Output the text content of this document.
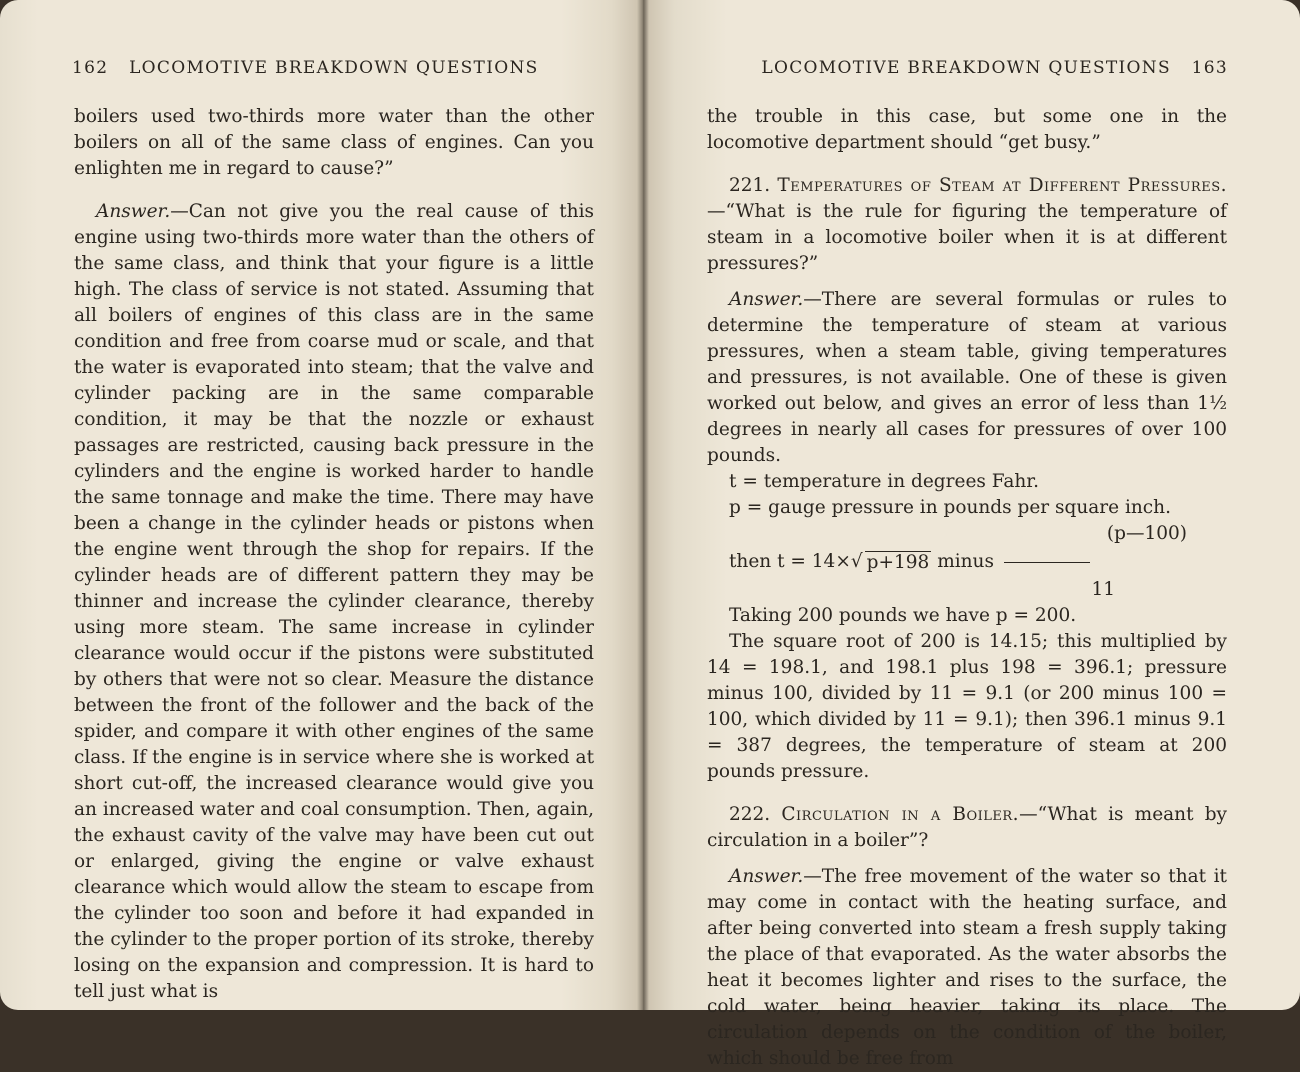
162 LOCOMOTIVE BREAKDOWN QUESTIONS

boilers used two-thirds more water than the other boilers on all of the same class of engines. Can you enlighten me in regard to cause?”

Answer.—Can not give you the real cause of this engine using two-thirds more water than the others of the same class, and think that your figure is a little high. The class of service is not stated. Assuming that all boilers of engines of this class are in the same condition and free from coarse mud or scale, and that the water is evaporated into steam; that the valve and cylinder packing are in the same comparable condition, it may be that the nozzle or exhaust passages are restricted, causing back pressure in the cylinders and the engine is worked harder to handle the same tonnage and make the time. There may have been a change in the cylinder heads or pistons when the engine went through the shop for repairs. If the cylinder heads are of different pattern they may be thinner and increase the cylinder clearance, thereby using more steam. The same increase in cylinder clearance would occur if the pistons were substituted by others that were not so clear. Measure the distance between the front of the follower and the back of the spider, and compare it with other engines of the same class. If the engine is in service where she is worked at short cut-off, the increased clearance would give you an increased water and coal consumption. Then, again, the exhaust cavity of the valve may have been cut out or enlarged, giving the engine or valve exhaust clearance which would allow the steam to escape from the cylinder too soon and before it had expanded in the cylinder to the proper portion of its stroke, thereby losing on the expansion and compression. It is hard to tell just what is

LOCOMOTIVE BREAKDOWN QUESTIONS 163

the trouble in this case, but some one in the locomotive department should “get busy.”

221. Temperatures of Steam at Different Pressures.—“What is the rule for figuring the temperature of steam in a locomotive boiler when it is at different pressures?”

Answer.—There are several formulas or rules to determine the temperature of steam at various pressures, when a steam table, giving temperatures and pressures, is not available. One of these is given worked out below, and gives an error of less than 1½ degrees in nearly all cases for pressures of over 100 pounds.

t = temperature in degrees Fahr.

p = gauge pressure in pounds per square inch.

(p—100)
then t = 14× √ p+198
minus
11

Taking 200 pounds we have p = 200.

The square root of 200 is 14.15; this multiplied by 14 = 198.1, and 198.1 plus 198 = 396.1; pressure minus 100, divided by 11 = 9.1 (or 200 minus 100 = 100, which divided by 11 = 9.1); then 396.1 minus 9.1 = 387 degrees, the temperature of steam at 200 pounds pressure.

222. Circulation in a Boiler.—“What is meant by circulation in a boiler”?

Answer.—The free movement of the water so that it may come in contact with the heating surface, and after being converted into steam a fresh supply taking the place of that evaporated. As the water absorbs the heat it becomes lighter and rises to the surface, the cold water, being heavier, taking its place. The circulation depends on the condition of the boiler, which should be free from
